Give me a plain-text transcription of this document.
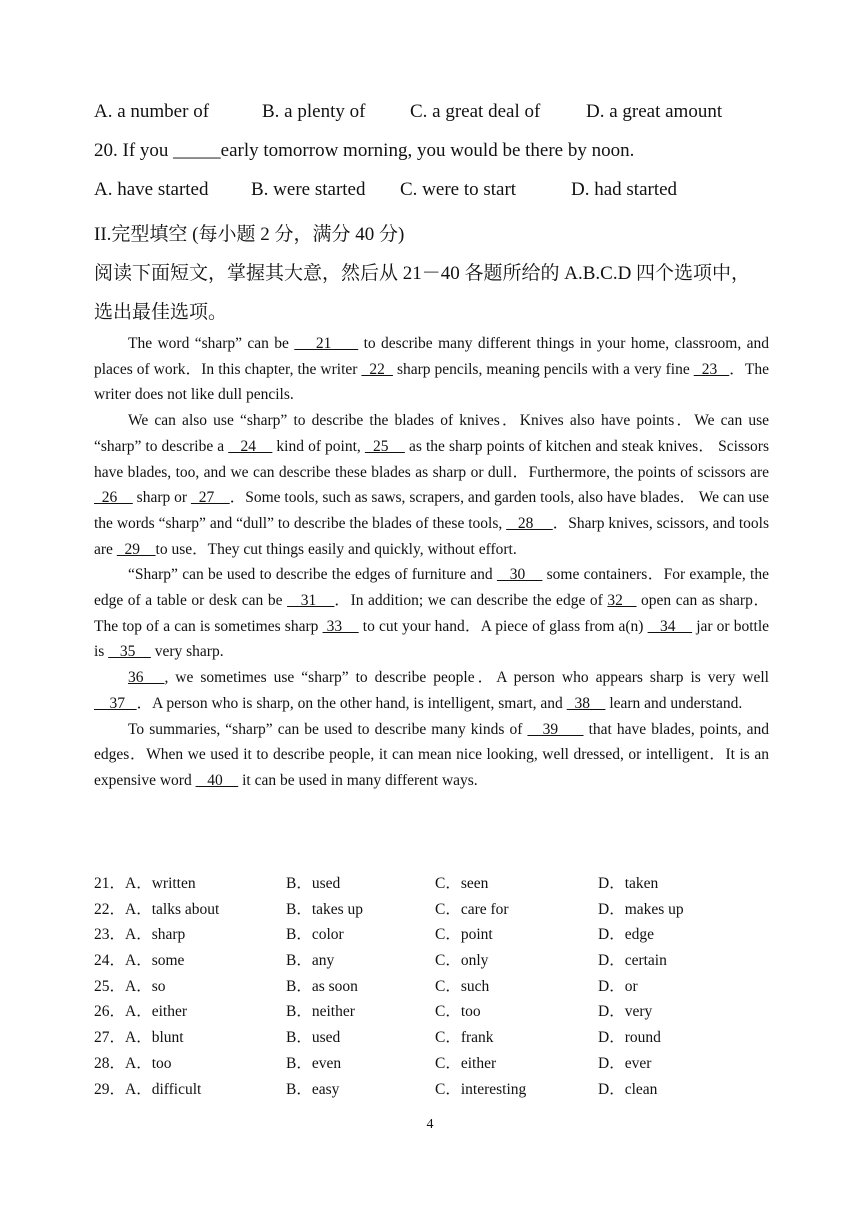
A. a number of	B. a plenty of C. a great deal of D. a great amount
20. If you _____early tomorrow morning, you would be there by noon.
A. have started B. were started C. were to start	D. had started
II.完型填空 (每小题 2 分，满分 40 分)
阅读下面短文，掌握其大意，然后从 21－40 各题所给的 A.B.C.D 四个选项中，
选出最佳选项。

The word “sharp” can be     21      to describe many different things in your home, classroom, and places of work．In this chapter, the writer   22   sharp pencils, meaning pencils with a very fine   23   ．The writer does not like dull pencils.

We can also use “sharp” to describe the blades of knives．Knives also have points．We can use “sharp” to describe a    24     kind of point,   25     as the sharp points of kitchen and steak knives． Scissors have blades, too, and we can describe these blades as sharp or dull．Furthermore, the points of scissors are   26     sharp or   27    ．Some tools, such as saws, scrapers, and garden tools, also have blades． We can use the words “sharp” and “dull” to describe the blades of these tools,    28     ．Sharp knives, scissors, and tools are   29    to use．They cut things easily and quickly, without effort.

“Sharp” can be used to describe the edges of furniture and    30     some containers．For example, the edge of a table or desk can be    31    ．In addition; we can describe the edge of 32    open can as sharp．The top of a can is sometimes sharp  33     to cut your hand．A piece of glass from a(n)    34     jar or bottle is    35     very sharp.

36   , we sometimes use “sharp” to describe people．A person who appears sharp is very well     37   ．A person who is sharp, on the other hand, is intelligent, smart, and   38     learn and understand.

To summaries, “sharp” can be used to describe many kinds of    39      that have blades, points, and edges．When we used it to describe people, it can mean nice looking, well dressed, or intelligent．It is an expensive word    40     it can be used in many different ways.

21．A．written	B．used	C．seen	D．taken
22．A．talks about	B．takes up	C．care for	D．makes up
23．A．sharp	B．color	C．point	D．edge
24．A．some	B．any	C．only	D．certain
25．A．so	B．as soon	C．such	D．or
26．A．either	B．neither	C．too	D．very
27．A．blunt	B．used	C．frank	D．round
28．A．too	B．even	C．either	D．ever
29．A．difficult	B．easy	C．interesting	D．clean
4
